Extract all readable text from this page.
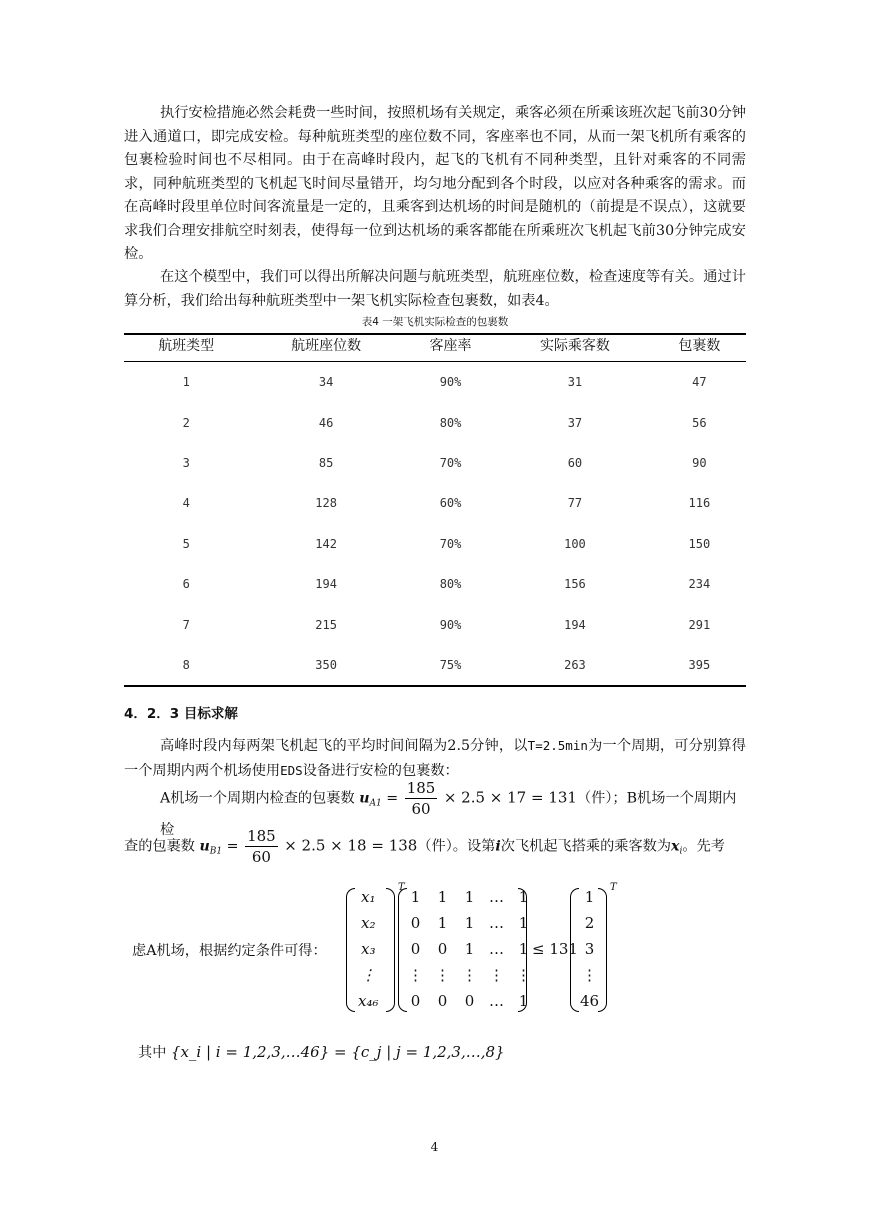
执行安检措施必然会耗费一些时间，按照机场有关规定，乘客必须在所乘该班次起飞前30分钟进入通道口，即完成安检。每种航班类型的座位数不同，客座率也不同，从而一架飞机所有乘客的包裹检验时间也不尽相同。由于在高峰时段内，起飞的飞机有不同种类型，且针对乘客的不同需求，同种航班类型的飞机起飞时间尽量错开，均匀地分配到各个时段，以应对各种乘客的需求。而在高峰时段里单位时间客流量是一定的，且乘客到达机场的时间是随机的（前提是不误点），这就要求我们合理安排航空时刻表，使得每一位到达机场的乘客都能在所乘班次飞机起飞前30分钟完成安检。
在这个模型中，我们可以得出所解决问题与航班类型，航班座位数，检查速度等有关。通过计算分析，我们给出每种航班类型中一架飞机实际检查包裹数，如表4。
表4 一架飞机实际检查的包裹数
航班类型	航班座位数	客座率	实际乘客数	包裹数
1	34	90%	31	47
2	46	80%	37	56
3	85	70%	60	90
4	128	60%	77	116
5	142	70%	100	150
6	194	80%	156	234
7	215	90%	194	291
8	350	75%	263	395
4．2．3 目标求解
高峰时段内每两架飞机起飞的平均时间间隔为2.5分钟，以T=2.5min为一个周期，可分别算得一个周期内两个机场使用EDS设备进行安检的包裹数：
A机场一个周期内检查的包裹数 $u_{A1} = \frac{185}{60} \times 2.5 \times 17 = 131$（件）；B机场一个周期内检
查的包裹数 $u_{B1} = \frac{185}{60} \times 2.5 \times 18 = 138$（件）。设第i次飞机起飞搭乘的乘客数为$x_i$。先考
虑A机场，根据约定条件可得：
x₁
x₂
x₃
⋮
x₄₆
T
1
0
0
⋮
0
1
1
0
⋮
0
1
1
1
⋮
0
…
…
…
⋮
…
1
1
1
⋮
1
≤ 131
1
2
3
⋮
46
T
其中 {x_i | i = 1,2,3,…46} = {c_j | j = 1,2,3,…,8}
4
